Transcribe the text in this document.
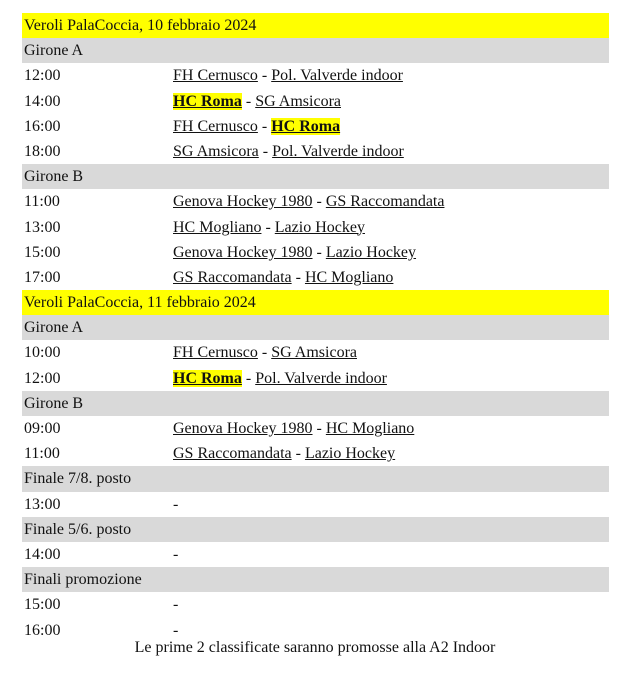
Veroli PalaCoccia, 10 febbraio 2024
Girone A
12:00	FH Cernusco - Pol. Valverde indoor
14:00	HC Roma - SG Amsicora
16:00	FH Cernusco - HC Roma
18:00	SG Amsicora - Pol. Valverde indoor
Girone B
11:00	Genova Hockey 1980 - GS Raccomandata
13:00	HC Mogliano - Lazio Hockey
15:00	Genova Hockey 1980 - Lazio Hockey
17:00	GS Raccomandata - HC Mogliano
Veroli PalaCoccia, 11 febbraio 2024
Girone A
10:00	FH Cernusco - SG Amsicora
12:00	HC Roma - Pol. Valverde indoor
Girone B
09:00	Genova Hockey 1980 - HC Mogliano
11:00	GS Raccomandata - Lazio Hockey
Finale 7/8. posto
13:00	-
Finale 5/6. posto
14:00	-
Finali promozione
15:00	-
16:00	-
Le prime 2 classificate saranno promosse alla A2 Indoor
